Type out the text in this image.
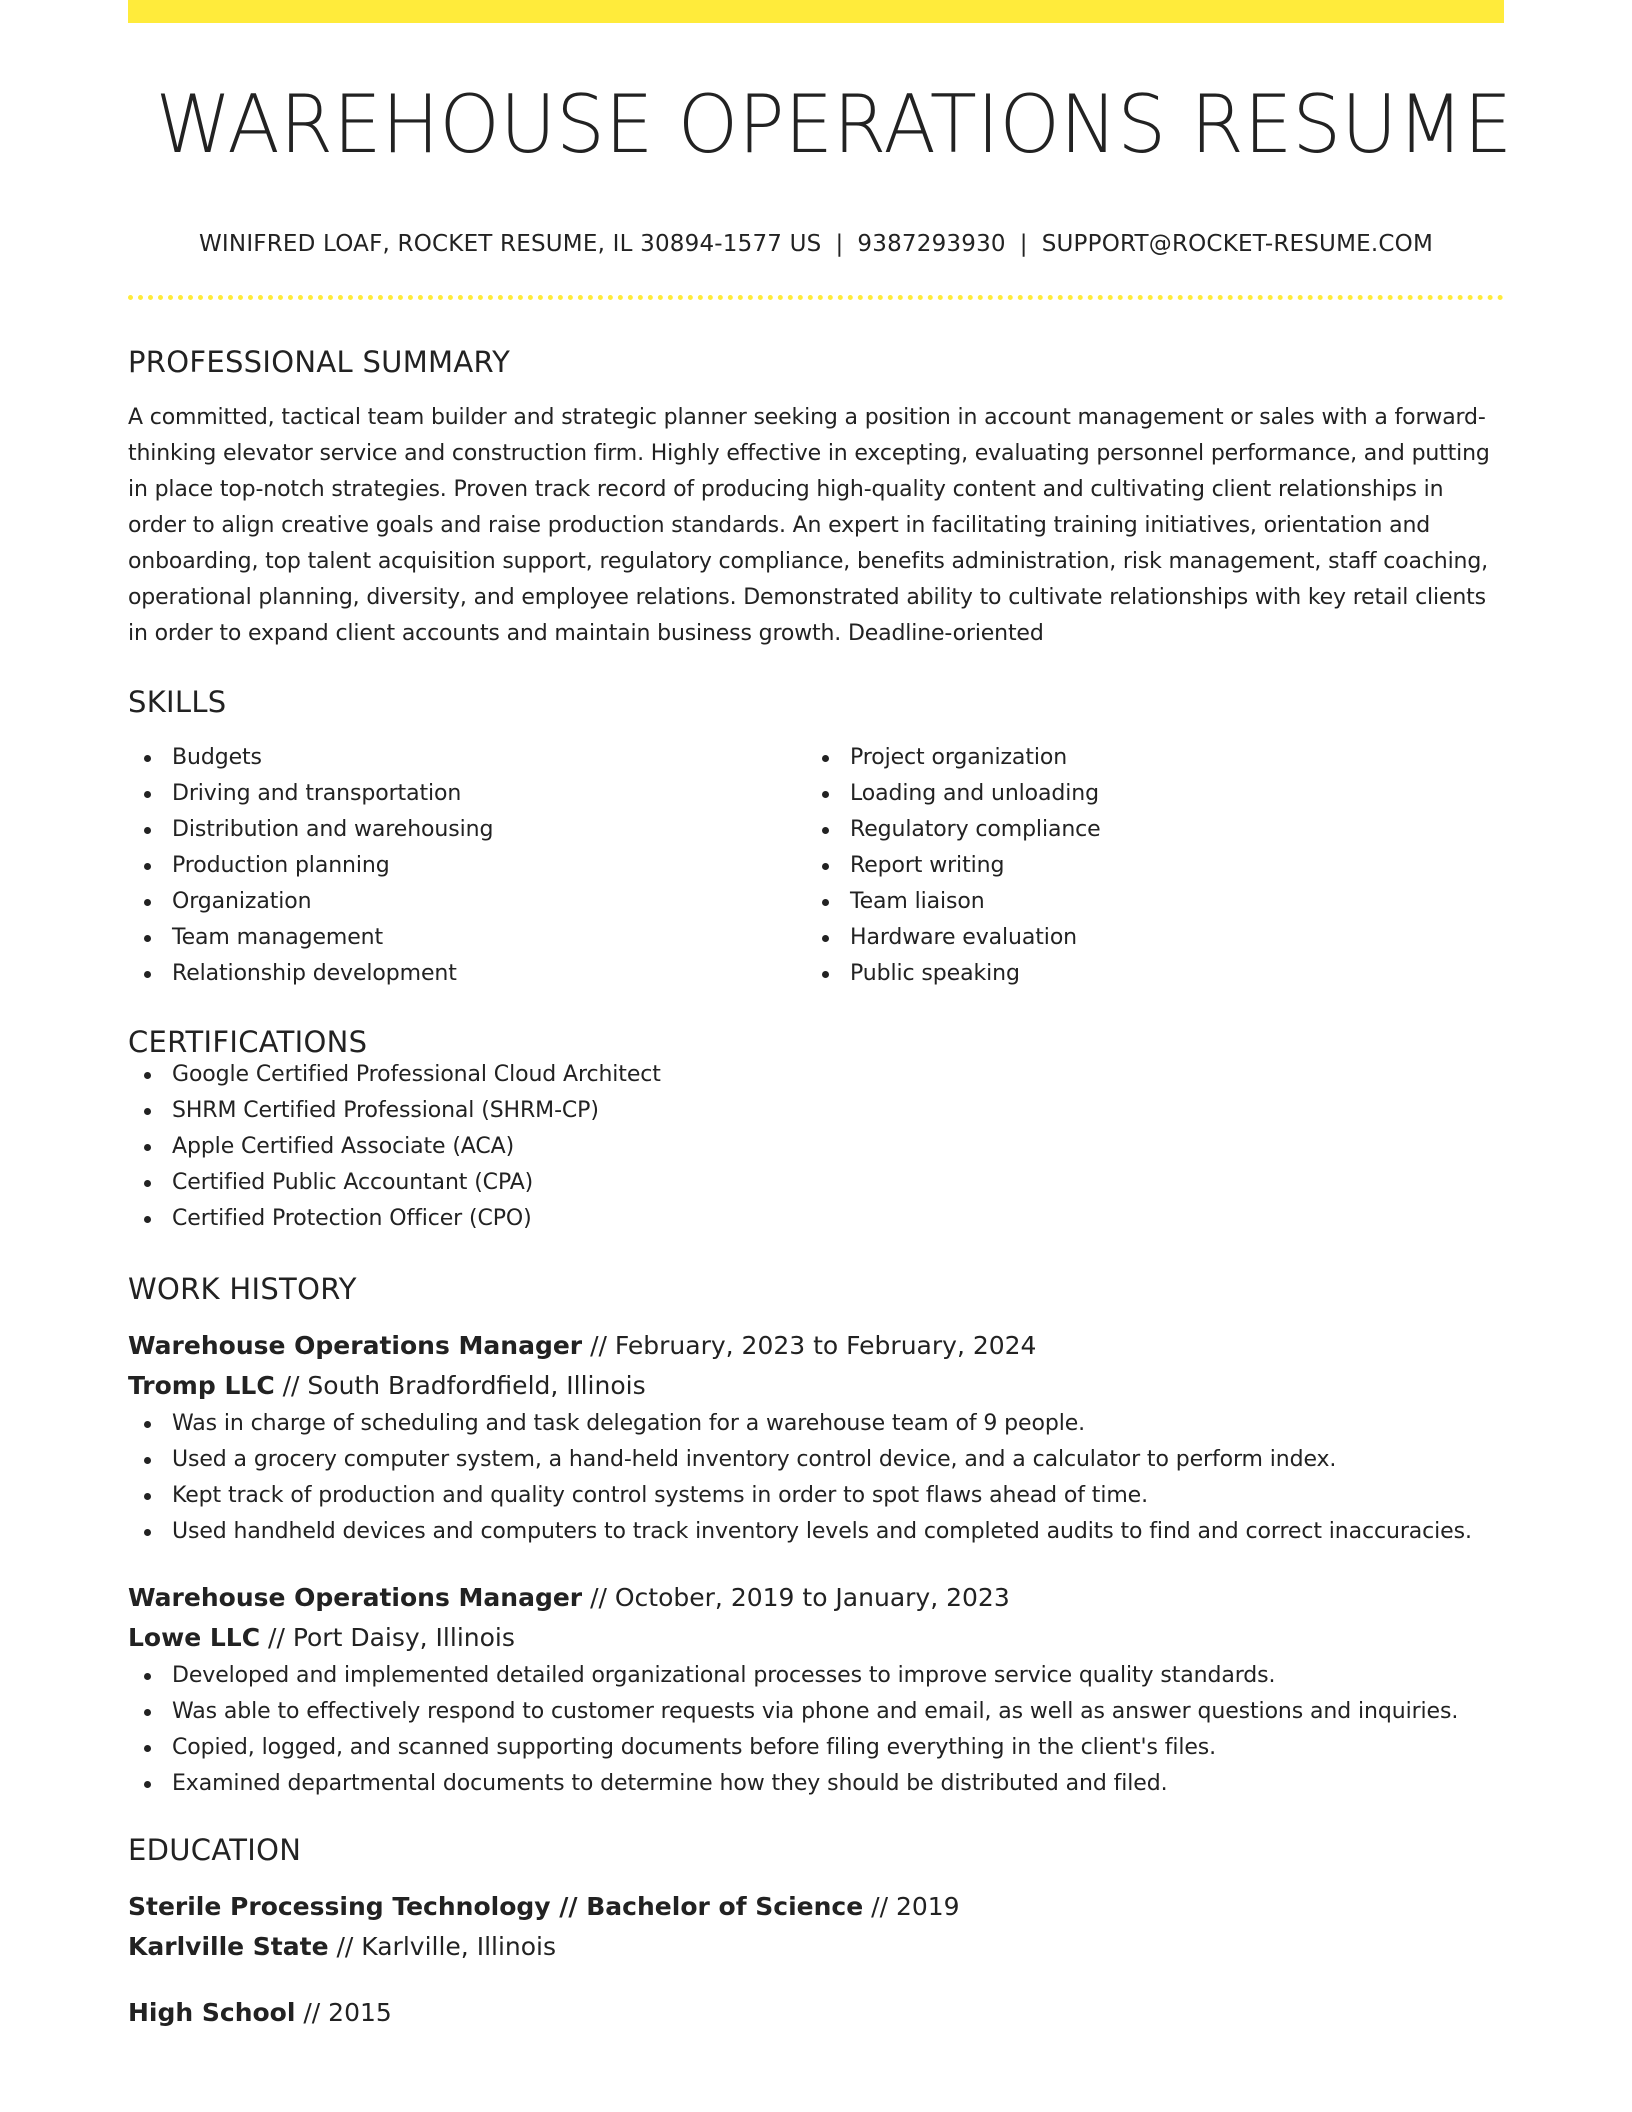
WAREHOUSE OPERATIONS RESUME
WINIFRED LOAF, ROCKET RESUME, IL 30894-1577 US | 9387293930 | SUPPORT@ROCKET-RESUME.COM
PROFESSIONAL SUMMARY

A committed, tactical team builder and strategic planner seeking a position in account management or sales with a forward-thinking elevator service and construction firm. Highly effective in excepting, evaluating personnel performance, and putting in place top-notch strategies. Proven track record of producing high-quality content and cultivating client relationships in order to align creative goals and raise production standards. An expert in facilitating training initiatives, orientation and onboarding, top talent acquisition support, regulatory compliance, benefits administration, risk management, staff coaching, operational planning, diversity, and employee relations. Demonstrated ability to cultivate relationships with key retail clients in order to expand client accounts and maintain business growth. Deadline-oriented

SKILLS
Budgets
Driving and transportation
Distribution and warehousing
Production planning
Organization
Team management
Relationship development
Project organization
Loading and unloading
Regulatory compliance
Report writing
Team liaison
Hardware evaluation
Public speaking
CERTIFICATIONS
Google Certified Professional Cloud Architect
SHRM Certified Professional (SHRM-CP)
Apple Certified Associate (ACA)
Certified Public Accountant (CPA)
Certified Protection Officer (CPO)
WORK HISTORY
Warehouse Operations Manager // February, 2023 to February, 2024
Tromp LLC // South Bradfordfield, Illinois
Was in charge of scheduling and task delegation for a warehouse team of 9 people.
Used a grocery computer system, a hand-held inventory control device, and a calculator to perform index.
Kept track of production and quality control systems in order to spot flaws ahead of time.
Used handheld devices and computers to track inventory levels and completed audits to find and correct inaccuracies.
Warehouse Operations Manager // October, 2019 to January, 2023
Lowe LLC // Port Daisy, Illinois
Developed and implemented detailed organizational processes to improve service quality standards.
Was able to effectively respond to customer requests via phone and email, as well as answer questions and inquiries.
Copied, logged, and scanned supporting documents before filing everything in the client's files.
Examined departmental documents to determine how they should be distributed and filed.
EDUCATION
Sterile Processing Technology // Bachelor of Science // 2019
Karlville State // Karlville, Illinois
High School // 2015
